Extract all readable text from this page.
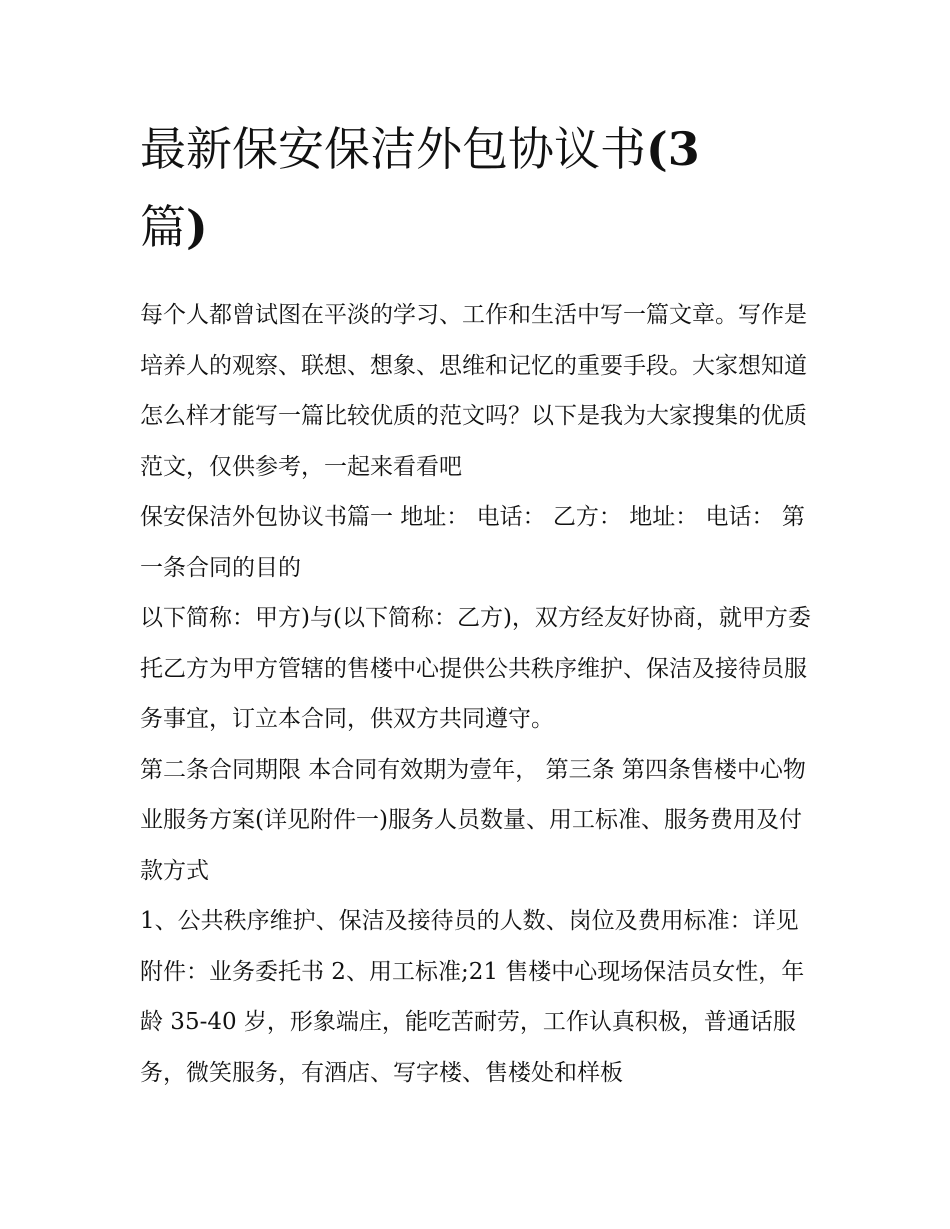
最新保安保洁外包协议书(3
篇)

每个人都曾试图在平淡的学习、工作和生活中写一篇文章。写作是培养人的观察、联想、想象、思维和记忆的重要手段。大家想知道怎么样才能写一篇比较优质的范文吗？以下是我为大家搜集的优质范文，仅供参考，一起来看看吧

保安保洁外包协议书篇一 地址： 电话： 乙方： 地址： 电话： 第一条合同的目的

以下简称：甲方)与(以下简称：乙方)，双方经友好协商，就甲方委托乙方为甲方管辖的售楼中心提供公共秩序维护、保洁及接待员服务事宜，订立本合同，供双方共同遵守。

第二条合同期限 本合同有效期为壹年， 第三条 第四条售楼中心物业服务方案(详见附件一)服务人员数量、用工标准、服务费用及付款方式

1、公共秩序维护、保洁及接待员的人数、岗位及费用标准：详见附件：业务委托书 2、用工标准;21 售楼中心现场保洁员女性，年龄 35-40 岁，形象端庄，能吃苦耐劳，工作认真积极，普通话服务，微笑服务，有酒店、写字楼、售楼处和样板
